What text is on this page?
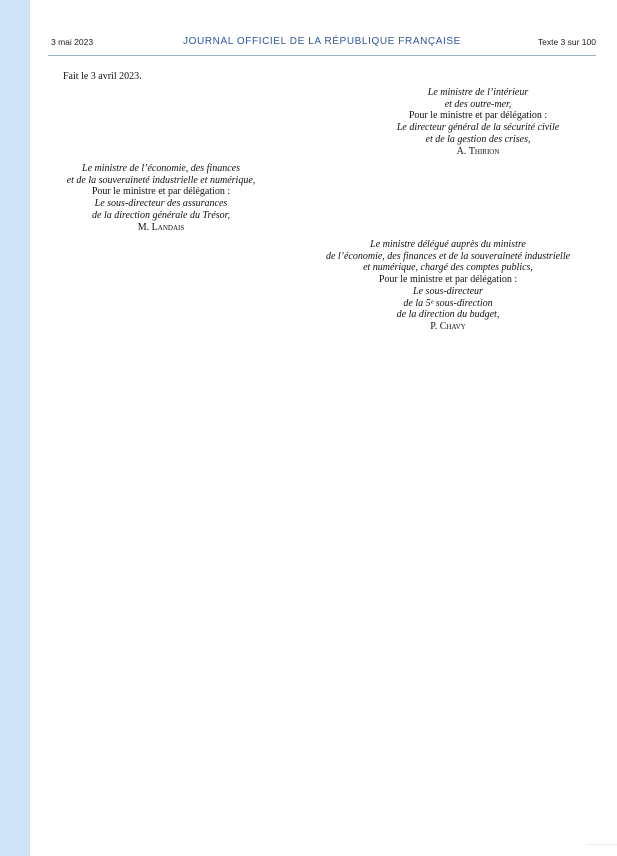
3 mai 2023	JOURNAL OFFICIEL DE LA RÉPUBLIQUE FRANÇAISE	Texte 3 sur 100
Fait le 3 avril 2023.
Le ministre de l’intérieur
et des outre-mer,
Pour le ministre et par délégation :
Le directeur général de la sécurité civile
et de la gestion des crises,
A. Thirion
Le ministre de l’économie, des finances
et de la souveraineté industrielle et numérique,
Pour le ministre et par délégation :
Le sous-directeur des assurances
de la direction générale du Trésor,
M. Landais
Le ministre délégué auprès du ministre
de l’économie, des finances et de la souveraineté industrielle
et numérique, chargé des comptes publics,
Pour le ministre et par délégation :
Le sous-directeur
de la 5ᵉ sous-direction
de la direction du budget,
P. Chavy
